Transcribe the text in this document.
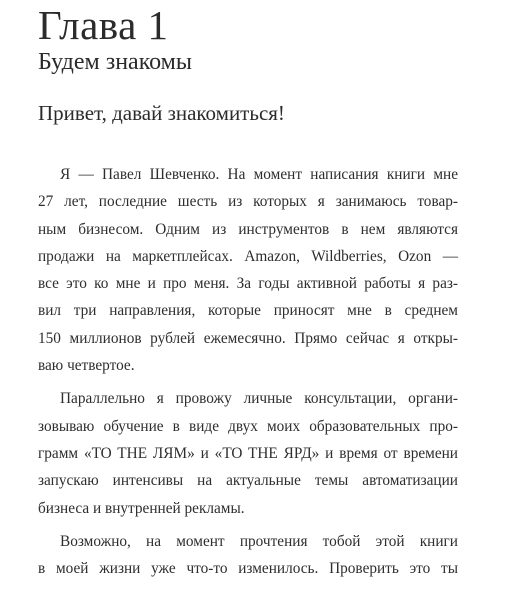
Глава 1
Будем знакомы
Привет, давай знакомиться!

Я — Павел Шевченко. На момент написания книги мне
27 лет, последние шесть из которых я занимаюсь товар-
ным бизнесом. Одним из инструментов в нем являются
продажи на маркетплейсах. Amazon, Wildberries, Ozon —
все это ко мне и про меня. За годы активной работы я раз-
вил три направления, которые приносят мне в среднем
150 миллионов рублей ежемесячно. Прямо сейчас я откры-
ваю четвертое.

Параллельно я провожу личные консультации, органи-
зовываю обучение в виде двух моих образовательных про-
грамм «TO THE ЛЯМ» и «TO THE ЯРД» и время от времени
запускаю интенсивы на актуальные темы автоматизации
бизнеса и внутренней рекламы.

Возможно, на момент прочтения тобой этой книги
в моей жизни уже что-то изменилось. Проверить это ты
